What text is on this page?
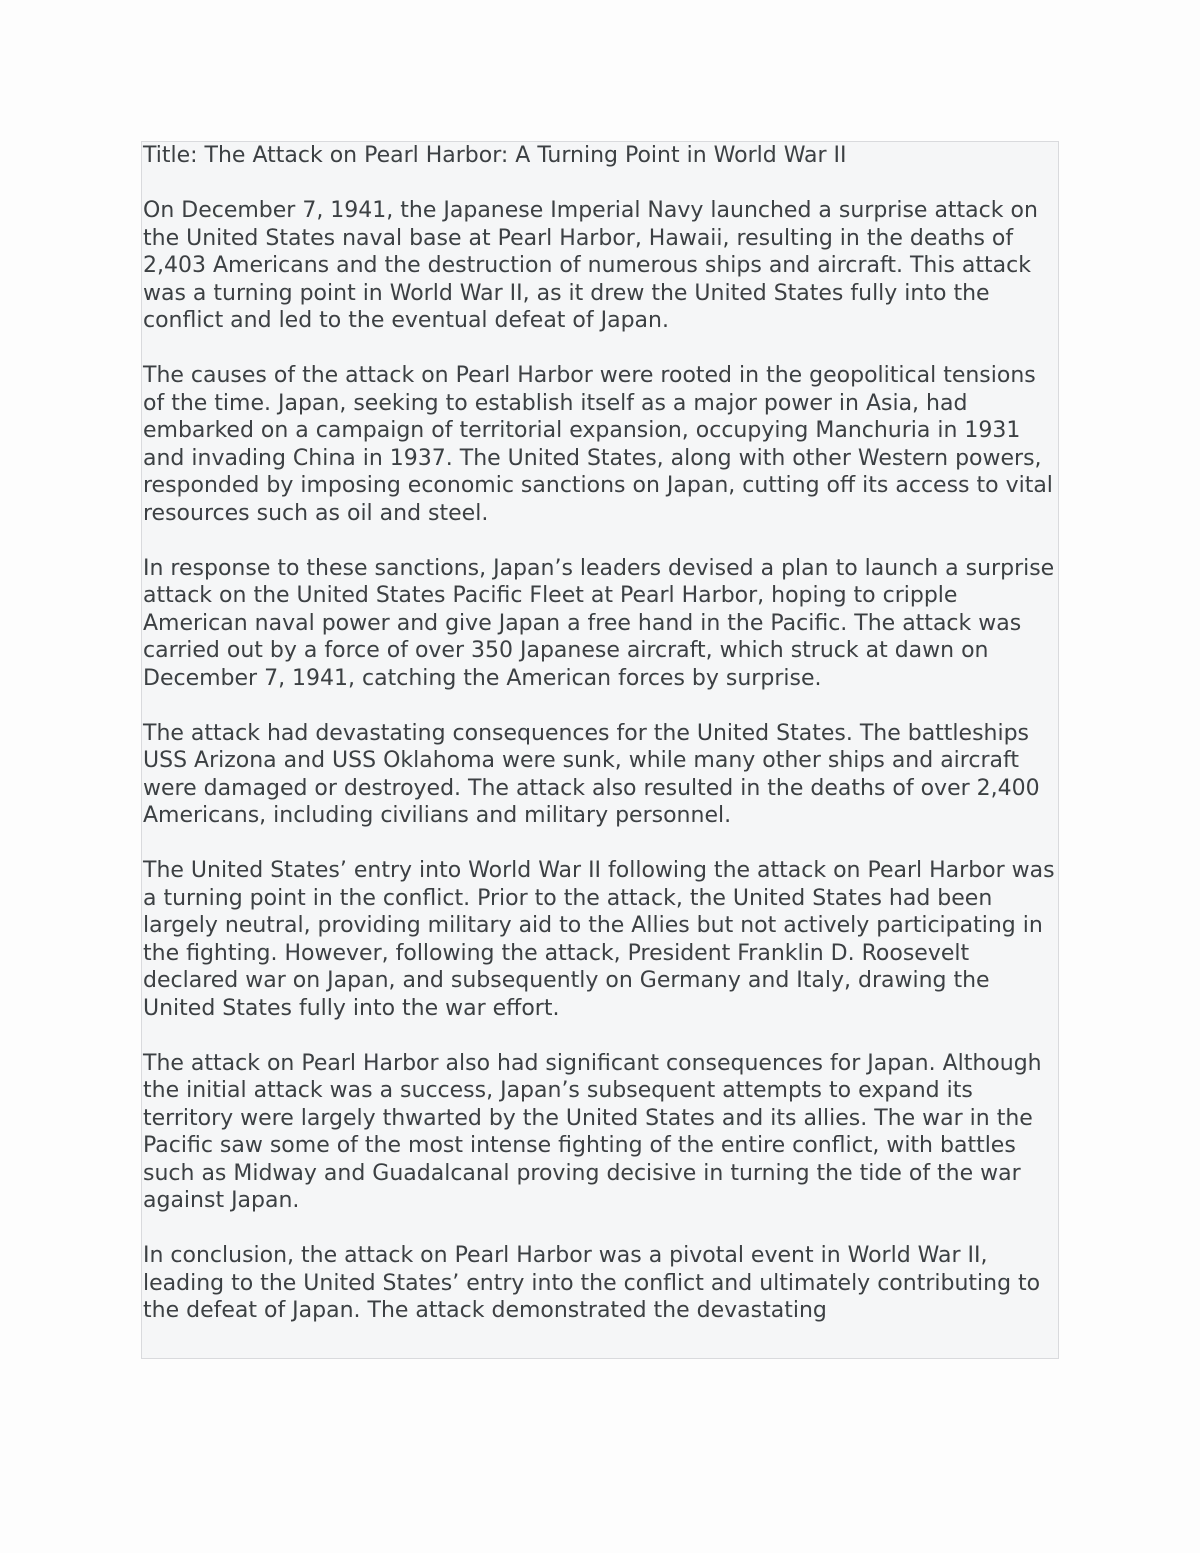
Title: The Attack on Pearl Harbor: A Turning Point in World War II

On December 7, 1941, the Japanese Imperial Navy launched a surprise attack on the United States naval base at Pearl Harbor, Hawaii, resulting in the deaths of 2,403 Americans and the destruction of numerous ships and aircraft. This attack was a turning point in World War II, as it drew the United States fully into the conflict and led to the eventual defeat of Japan.

The causes of the attack on Pearl Harbor were rooted in the geopolitical tensions of the time. Japan, seeking to establish itself as a major power in Asia, had embarked on a campaign of territorial expansion, occupying Manchuria in 1931 and invading China in 1937. The United States, along with other Western powers, responded by imposing economic sanctions on Japan, cutting off its access to vital resources such as oil and steel.

In response to these sanctions, Japan’s leaders devised a plan to launch a surprise attack on the United States Pacific Fleet at Pearl Harbor, hoping to cripple American naval power and give Japan a free hand in the Pacific. The attack was carried out by a force of over 350 Japanese aircraft, which struck at dawn on December 7, 1941, catching the American forces by surprise.

The attack had devastating consequences for the United States. The battleships USS Arizona and USS Oklahoma were sunk, while many other ships and aircraft were damaged or destroyed. The attack also resulted in the deaths of over 2,400 Americans, including civilians and military personnel.

The United States’ entry into World War II following the attack on Pearl Harbor was a turning point in the conflict. Prior to the attack, the United States had been largely neutral, providing military aid to the Allies but not actively participating in the fighting. However, following the attack, President Franklin D. Roosevelt declared war on Japan, and subsequently on Germany and Italy, drawing the United States fully into the war effort.

The attack on Pearl Harbor also had significant consequences for Japan. Although the initial attack was a success, Japan’s subsequent attempts to expand its territory were largely thwarted by the United States and its allies. The war in the Pacific saw some of the most intense fighting of the entire conflict, with battles such as Midway and Guadalcanal proving decisive in turning the tide of the war against Japan.

In conclusion, the attack on Pearl Harbor was a pivotal event in World War II, leading to the United States’ entry into the conflict and ultimately contributing to the defeat of Japan. The attack demonstrated the devastating
